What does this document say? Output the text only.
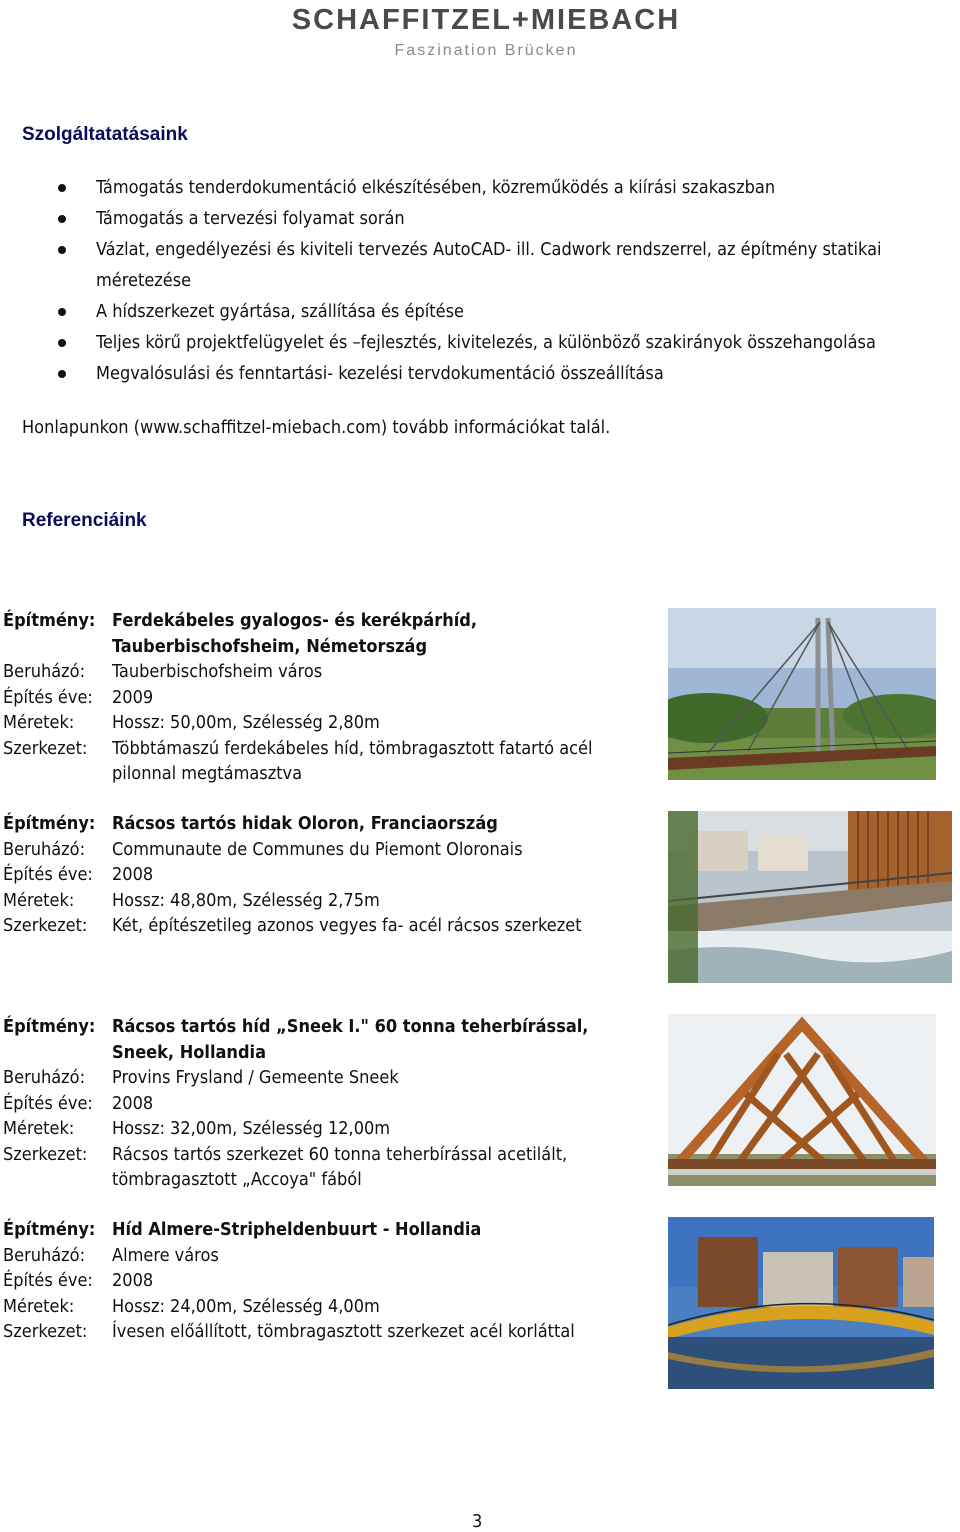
SCHAFFITZEL+MIEBACH
Faszination Brücken
Szolgáltatatásaink
Támogatás tenderdokumentáció elkészítésében, közreműködés a kiírási szakaszban
Támogatás a tervezési folyamat során
Vázlat, engedélyezési és kiviteli tervezés AutoCAD- ill. Cadwork rendszerrel, az építmény statikai méretezése
A hídszerkezet gyártása, szállítása és építése
Teljes körű projektfelügyelet és –fejlesztés, kivitelezés, a különböző szakirányok összehangolása
Megvalósulási és fenntartási- kezelési tervdokumentáció összeállítása
Honlapunkon (www.schaffitzel-miebach.com) tovább információkat talál.
Referenciáink
Építmény: Ferdekábeles gyalogos- és kerékpárhíd, Tauberbischofsheim, Németország
Beruházó: Tauberbischofsheim város
Építés éve: 2009
Méretek: Hossz: 50,00m, Szélesség 2,80m
Szerkezet: Többtámaszú ferdekábeles híd, tömbragasztott fatartó acél pilonnal megtámasztva
Építmény: Rácsos tartós hidak Oloron, Franciaország
Beruházó: Communaute de Communes du Piemont Oloronais
Építés éve: 2008
Méretek: Hossz: 48,80m, Szélesség 2,75m
Szerkezet: Két, építészetileg azonos vegyes fa- acél rácsos szerkezet
Építmény: Rácsos tartós híd „Sneek I." 60 tonna teherbírással, Sneek, Hollandia
Beruházó: Provins Frysland / Gemeente Sneek
Építés éve: 2008
Méretek: Hossz: 32,00m, Szélesség 12,00m
Szerkezet: Rácsos tartós szerkezet 60 tonna teherbírással acetilált, tömbragasztott „Accoya" fából
Építmény: Híd Almere-Stripheldenbuurt - Hollandia
Beruházó: Almere város
Építés éve: 2008
Méretek: Hossz: 24,00m, Szélesség 4,00m
Szerkezet: Ívesen előállított, tömbragasztott szerkezet acél korláttal
3
